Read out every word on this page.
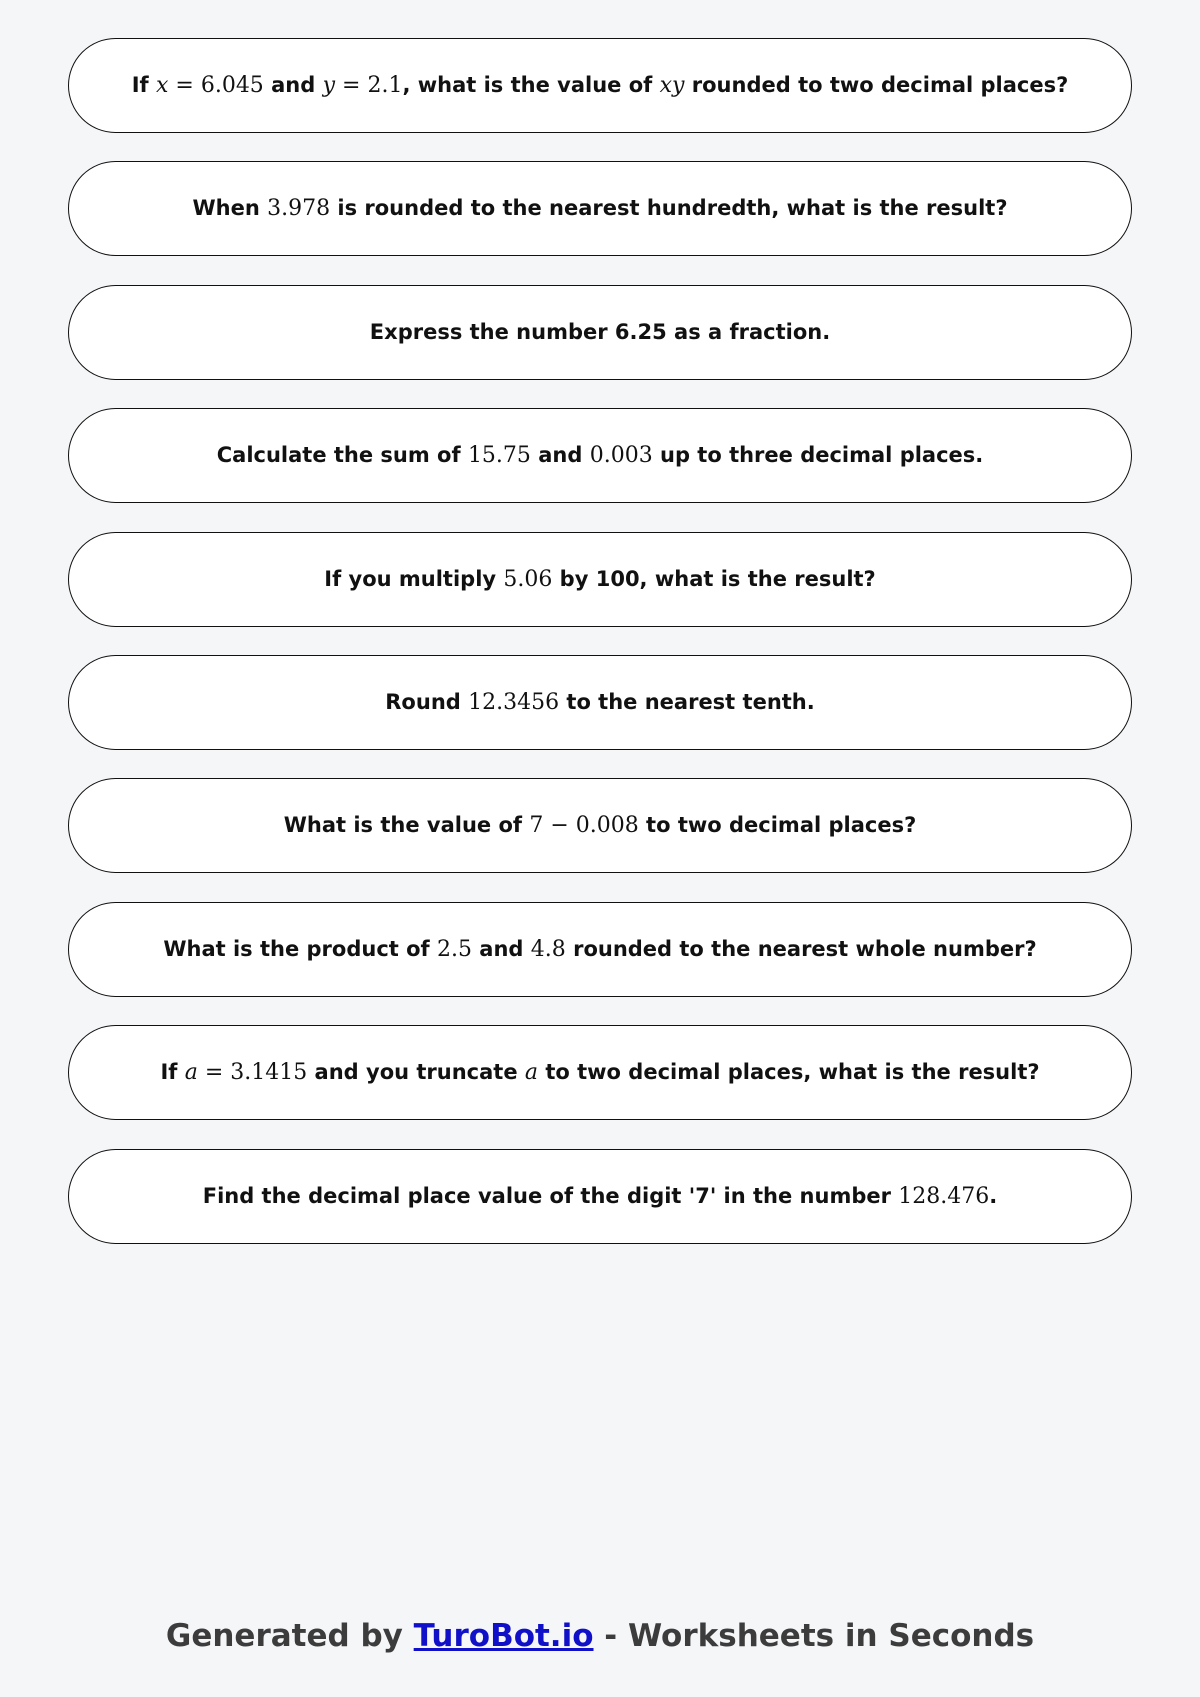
If x = 6.045 and y = 2.1, what is the value of xy rounded to two decimal places?
When 3.978 is rounded to the nearest hundredth, what is the result?
Express the number 6.25 as a fraction.
Calculate the sum of 15.75 and 0.003 up to three decimal places.
If you multiply 5.06 by 100, what is the result?
Round 12.3456 to the nearest tenth.
What is the value of 7 − 0.008 to two decimal places?
What is the product of 2.5 and 4.8 rounded to the nearest whole number?
If a = 3.1415 and you truncate a to two decimal places, what is the result?
Find the decimal place value of the digit '7' in the number 128.476.
Generated by TuroBot.io - Worksheets in Seconds
